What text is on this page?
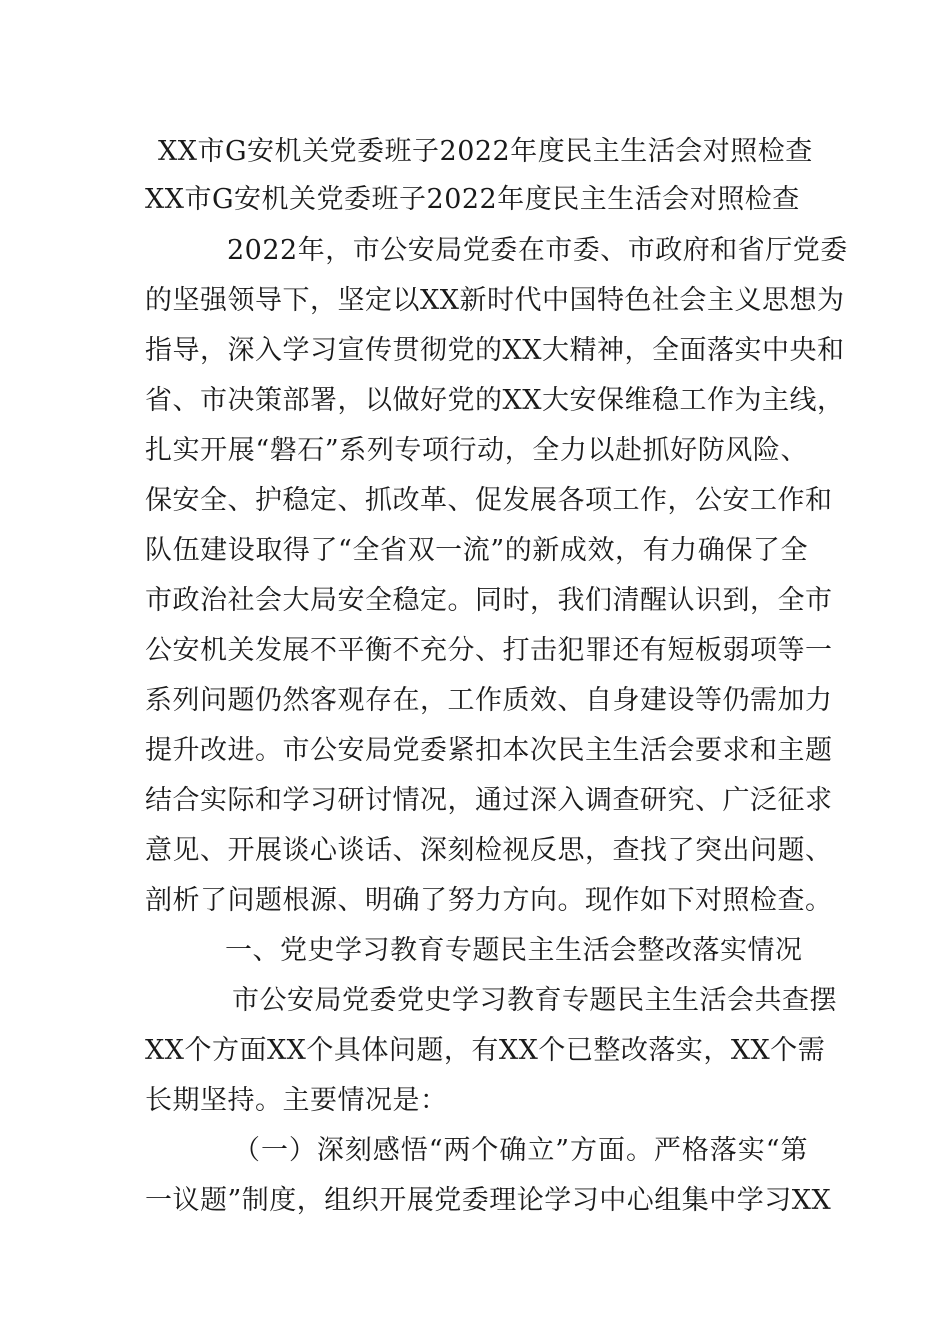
XX市G安机关党委班子2022年度民主生活会对照检查
XX市G安机关党委班子2022年度民主生活会对照检查
2022年，市公安局党委在市委、市政府和省厅党委
的坚强领导下，坚定以XX新时代中国特色社会主义思想为
指导，深入学习宣传贯彻党的XX大精神，全面落实中央和
省、市决策部署，以做好党的XX大安保维稳工作为主线，
扎实开展“磐石”系列专项行动，全力以赴抓好防风险、
保安全、护稳定、抓改革、促发展各项工作，公安工作和
队伍建设取得了“全省双一流”的新成效，有力确保了全
市政治社会大局安全稳定。同时，我们清醒认识到，全市
公安机关发展不平衡不充分、打击犯罪还有短板弱项等一
系列问题仍然客观存在，工作质效、自身建设等仍需加力
提升改进。市公安局党委紧扣本次民主生活会要求和主题
结合实际和学习研讨情况，通过深入调查研究、广泛征求
意见、开展谈心谈话、深刻检视反思，查找了突出问题、
剖析了问题根源、明确了努力方向。现作如下对照检查。
一、党史学习教育专题民主生活会整改落实情况
市公安局党委党史学习教育专题民主生活会共查摆
XX个方面XX个具体问题，有XX个已整改落实，XX个需
长期坚持。主要情况是：
（一）深刻感悟“两个确立”方面。严格落实“第
一议题”制度，组织开展党委理论学习中心组集中学习XX
